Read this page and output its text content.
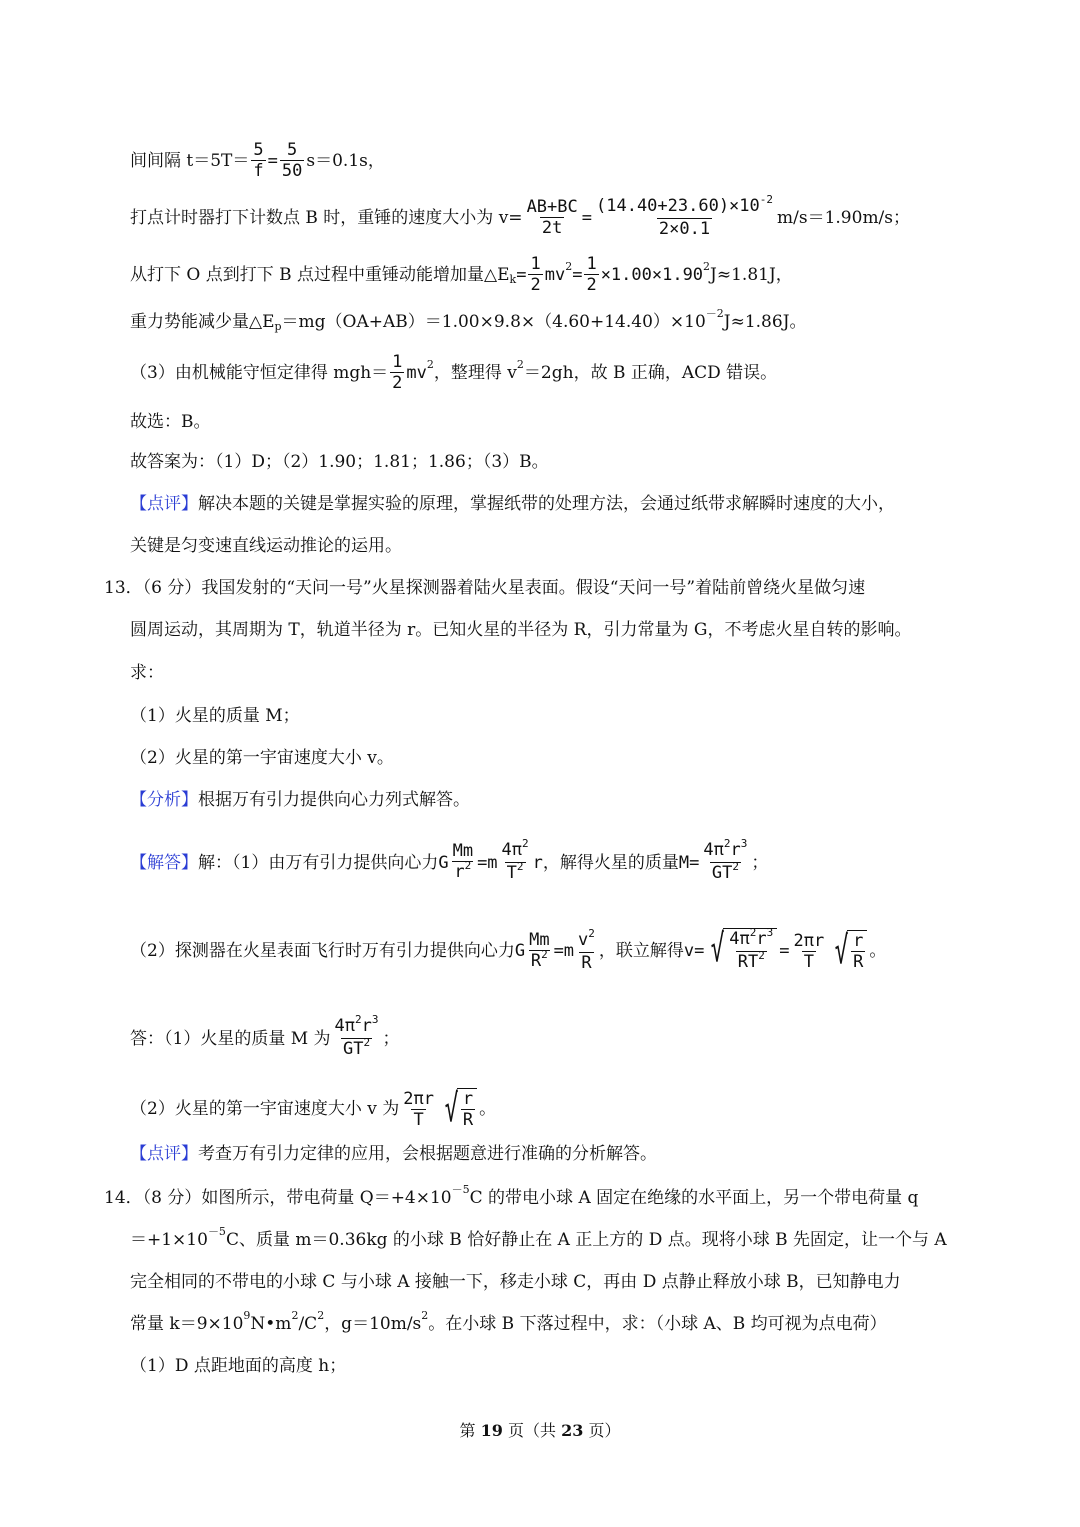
间间隔 $t=5T= \frac{5}{f} = \frac{5}{50} s=0.1s$，
打点计时器打下计数点 B 时，重锤的速度大小为 $v= \frac{AB+BC}{2t} = \frac{(14.40+23.60)\times 10^{-2}}{2\times 0.1} m/s=1.90m/s$；
从打下 O 点到打下 B 点过程中重锤动能增加量△E $k = \frac{1}{2}$ mv $2 = \frac{1}{2} \times 1.00\times 1.90$ 2 J≈1.81J，
重力势能减少量△E p ＝mg（OA+AB）＝1.00×9.8×（4.60+14.40）×10 －2 J≈1.86J。
（3）由机械能守恒定律得 $mgh= \frac{1}{2}$ mv 2 ，整理得 v 2 ＝2gh，故 B 正确，ACD 错误。
故选：B。
故答案为：（1）D；（2）1.90；1.81；1.86；（3）B。
【点评】 解决本题的关键是掌握实验的原理，掌握纸带的处理方法，会通过纸带求解瞬时速度的大小，
关键是匀变速直线运动推论的运用。
13．（6 分）我国发射的“天问一号”火星探测器着陆火星表面。假设“天问一号”着陆前曾绕火星做匀速
圆周运动，其周期为 T，轨道半径为 r。已知火星的半径为 R，引力常量为 G，不考虑火星自转的影响。
求：
（1）火星的质量 M；
（2）火星的第一宇宙速度大小 v。
【分析】 根据万有引力提供向心力列式解答。
【解答】 解：（1）由万有引力提供向心力 G $\frac{Mm}{r^2} =m \frac{4\pi^2}{T^2}$ r ，解得火星的质量 $M= \frac{4\pi^2r^3}{GT^2}$ ；
（2）探测器在火星表面飞行时万有引力提供向心力 G $\frac{Mm}{R^2} =m \frac{v^2}{R}$ ，联立解得 v= √ $\frac{4\pi^2r^3}{RT^2} = \frac{2\pi r}{T}$ √ $\frac{r}{R}$ 。
答：（1）火星的质量 M 为 $\frac{4\pi^2r^3}{GT^2}$ ；
（2）火星的第一宇宙速度大小 v 为 $\frac{2\pi r}{T}$ √ $\frac{r}{R}$ 。
【点评】 考查万有引力定律的应用，会根据题意进行准确的分析解答。
14．（8 分）如图所示，带电荷量 Q＝+4×10 －5 C 的带电小球 A 固定在绝缘的水平面上，另一个带电荷量 q
＝+1×10 －5 C、质量 m＝0.36kg 的小球 B 恰好静止在 A 正上方的 D 点。现将小球 B 先固定，让一个与 A
完全相同的不带电的小球 C 与小球 A 接触一下，移走小球 C，再由 D 点静止释放小球 B，已知静电力
常量 k＝9×10 9 N•m 2 /C 2 ，g＝10m/s 2 。在小球 B 下落过程中，求：（小球 A、B 均可视为点电荷）
（1）D 点距地面的高度 h；
第 19 页（共 23 页）
